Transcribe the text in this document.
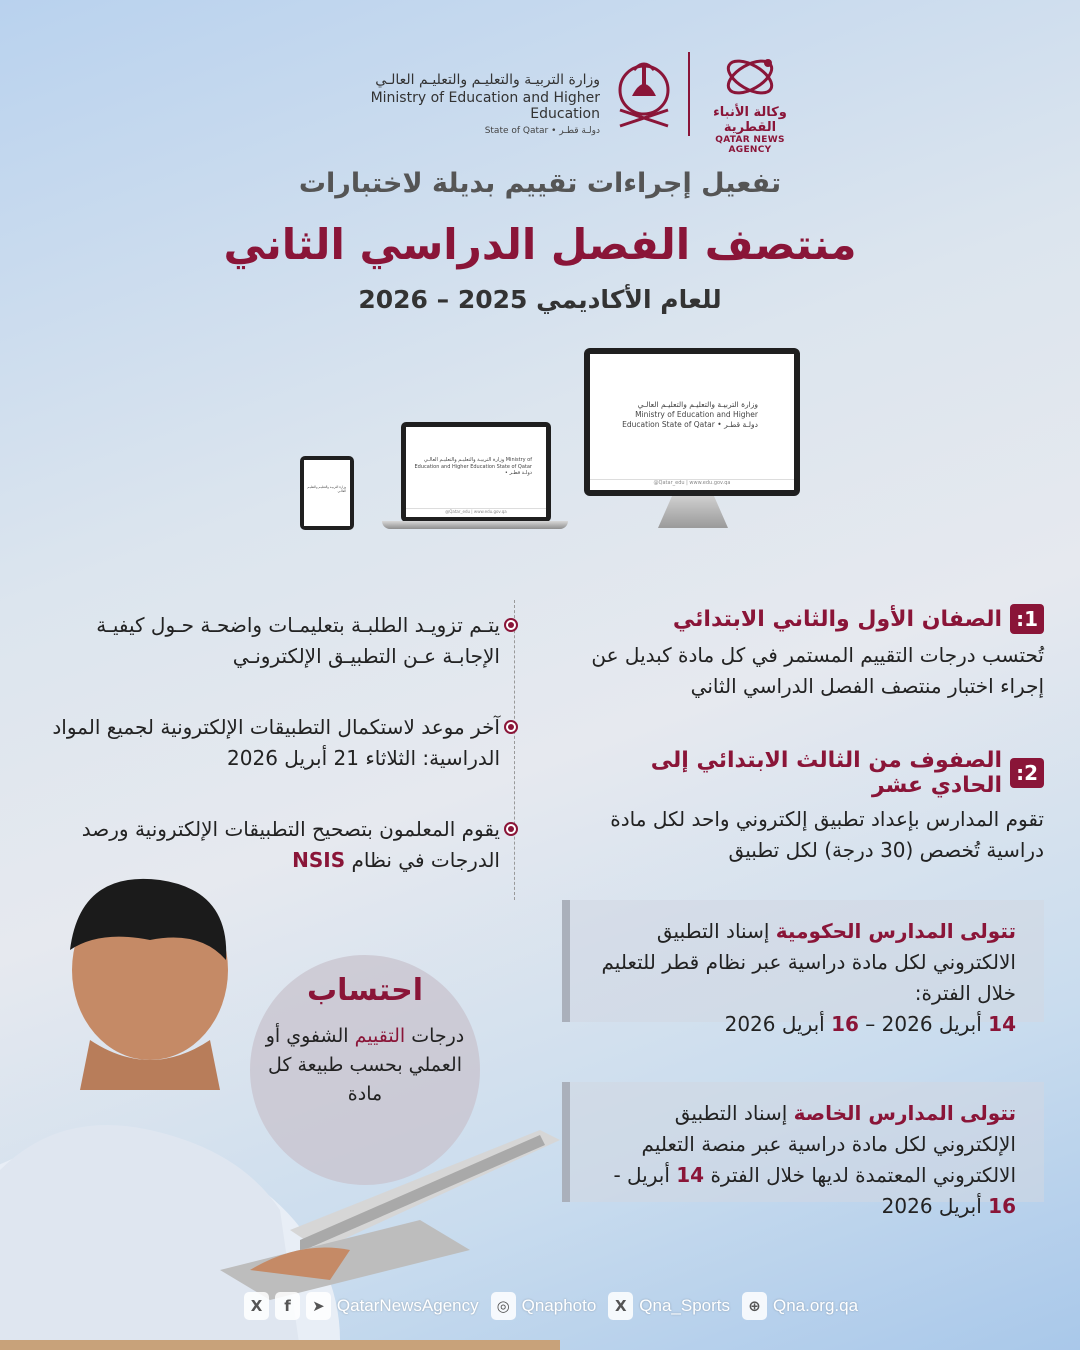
وزارة التربيـة والتعليـم والتعليـم العالـي
Ministry of Education and Higher Education
State of Qatar • دولـة قطـر
وكالة الأنباء القطرية
QATAR NEWS AGENCY
تفعيل إجراءات تقييم بديلة لاختبارات
منتصف الفصل الدراسي الثاني
للعام الأكاديمي 2025 – 2026
وزارة التربيـة والتعليـم والتعليـم العالـي Ministry of Education and Higher Education State of Qatar • دولـة قطـر
@Qatar_edu | www.edu.gov.qa
وزارة التربيـة والتعليـم والتعليـم العالـي Ministry of Education and Higher Education State of Qatar • دولـة قطـر
@Qatar_edu | www.edu.gov.qa
وزارة التربيـة والتعليـم والتعليـم العالـي
1:
الصفان الأول والثاني الابتدائي
تُحتسب درجات التقييم المستمر في كل مادة كبديل عن إجراء اختبار منتصف الفصل الدراسي الثاني
2:
الصفوف من الثالث الابتدائي إلى الحادي عشر
تقوم المدارس بإعداد تطبيق إلكتروني واحد لكل مادة دراسية تُخصص (30 درجة) لكل تطبيق
يتـم تزويـد الطلبـة بتعليمـات واضحـة حـول كيفيـة الإجابـة عـن التطبيـق الإلكترونـي
آخر موعد لاستكمال التطبيقات الإلكترونية لجميع المواد الدراسية: الثلاثاء 21 أبريل 2026
يقوم المعلمون بتصحيح التطبيقات الإلكترونية ورصد الدرجات في نظام NSIS
تتولى المدارس الحكومية إسناد التطبيق الالكتروني لكل مادة دراسية عبر نظام قطر للتعليم خلال الفترة:
14 أبريل 2026 – 16 أبريل 2026
تتولى المدارس الخاصة إسناد التطبيق الإلكتروني لكل مادة دراسية عبر منصة التعليم الالكتروني المعتمدة لديها خلال الفترة 14 أبريل - 16 أبريل 2026
احتساب
درجات التقييم الشفوي أو العملي بحسب طبيعة كل مادة
X	f	➤ QatarNewsAgency	◎ Qnaphoto	X Qna_Sports	⊕ Qna.org.qa
